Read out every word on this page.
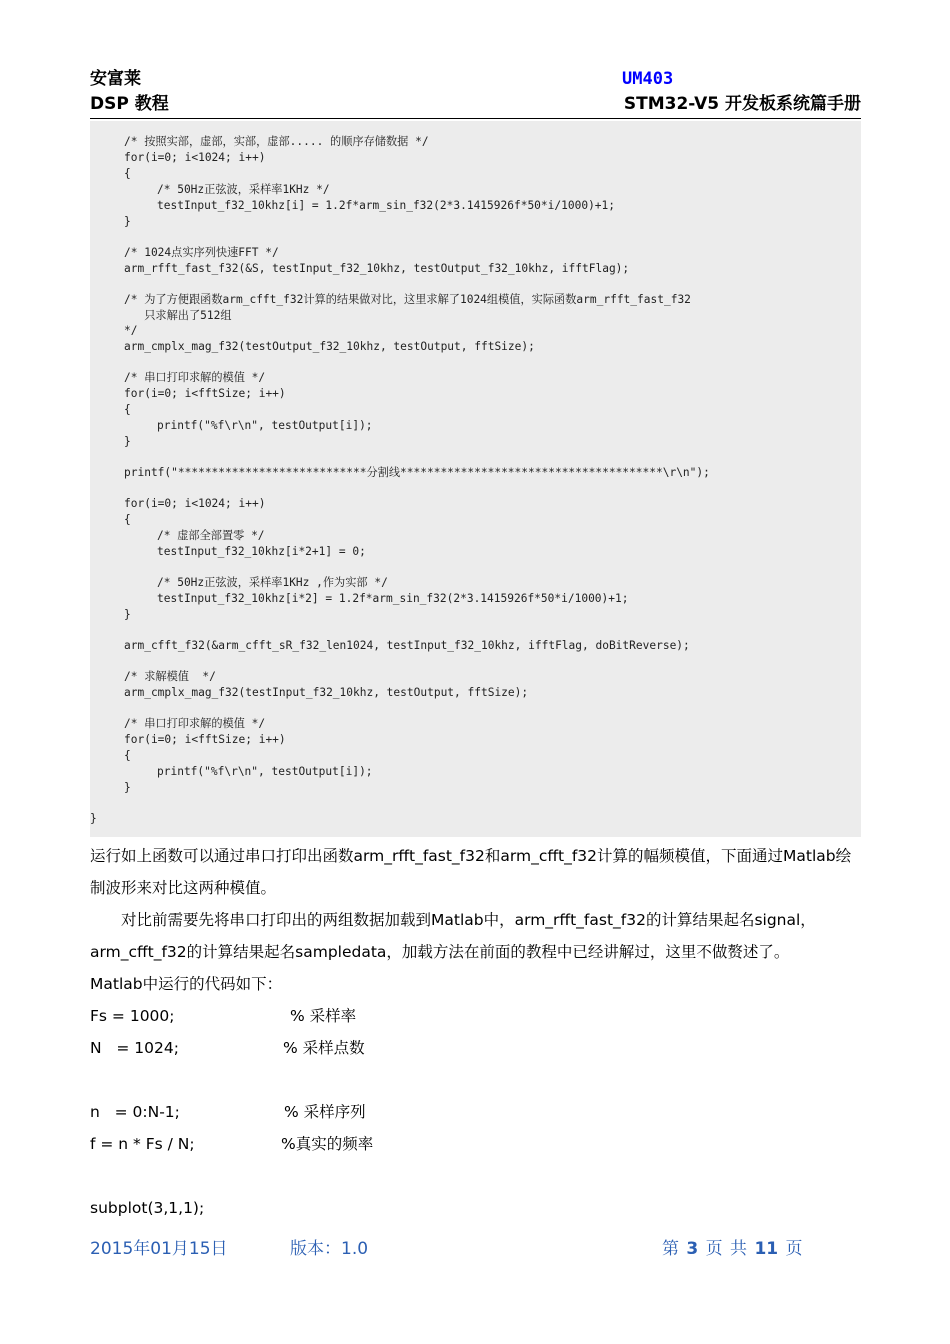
安富莱
DSP 教程
UM403
STM32-V5 开发板系统篇手册
/* 按照实部，虚部，实部，虚部..... 的顺序存储数据 */
for(i=0; i<1024; i++)
{
/* 50Hz正弦波，采样率1KHz */
testInput_f32_10khz[i] = 1.2f*arm_sin_f32(2*3.1415926f*50*i/1000)+1;
}
/* 1024点实序列快速FFT */
arm_rfft_fast_f32(&S, testInput_f32_10khz, testOutput_f32_10khz, ifftFlag);
/* 为了方便跟函数arm_cfft_f32计算的结果做对比，这里求解了1024组模值，实际函数arm_rfft_fast_f32
只求解出了512组
*/
arm_cmplx_mag_f32(testOutput_f32_10khz, testOutput, fftSize);
/* 串口打印求解的模值 */
for(i=0; i<fftSize; i++)
{
printf("%f\r\n", testOutput[i]);
}
printf("****************************分割线***************************************\r\n");
for(i=0; i<1024; i++)
{
/* 虚部全部置零 */
testInput_f32_10khz[i*2+1] = 0;
/* 50Hz正弦波，采样率1KHz ,作为实部 */
testInput_f32_10khz[i*2] = 1.2f*arm_sin_f32(2*3.1415926f*50*i/1000)+1;
}
arm_cfft_f32(&arm_cfft_sR_f32_len1024, testInput_f32_10khz, ifftFlag, doBitReverse);
/* 求解模值  */
arm_cmplx_mag_f32(testInput_f32_10khz, testOutput, fftSize);
/* 串口打印求解的模值 */
for(i=0; i<fftSize; i++)
{
printf("%f\r\n", testOutput[i]);
}
}
运行如上函数可以通过串口打印出函数arm_rfft_fast_f32和arm_cfft_f32计算的幅频模值，下面通过Matlab绘制波形来对比这两种模值。
对比前需要先将串口打印出的两组数据加载到Matlab中，arm_rfft_fast_f32的计算结果起名signal，arm_cfft_f32的计算结果起名sampledata，加载方法在前面的教程中已经讲解过，这里不做赘述了。
Matlab中运行的代码如下：
Fs = 1000;	% 采样率
N   = 1024;	% 采样点数
n   = 0:N-1;	% 采样序列
f = n * Fs / N;	%真实的频率
subplot(3,1,1);
2015年01月15日	版本：1.0	第 3 页 共 11 页
